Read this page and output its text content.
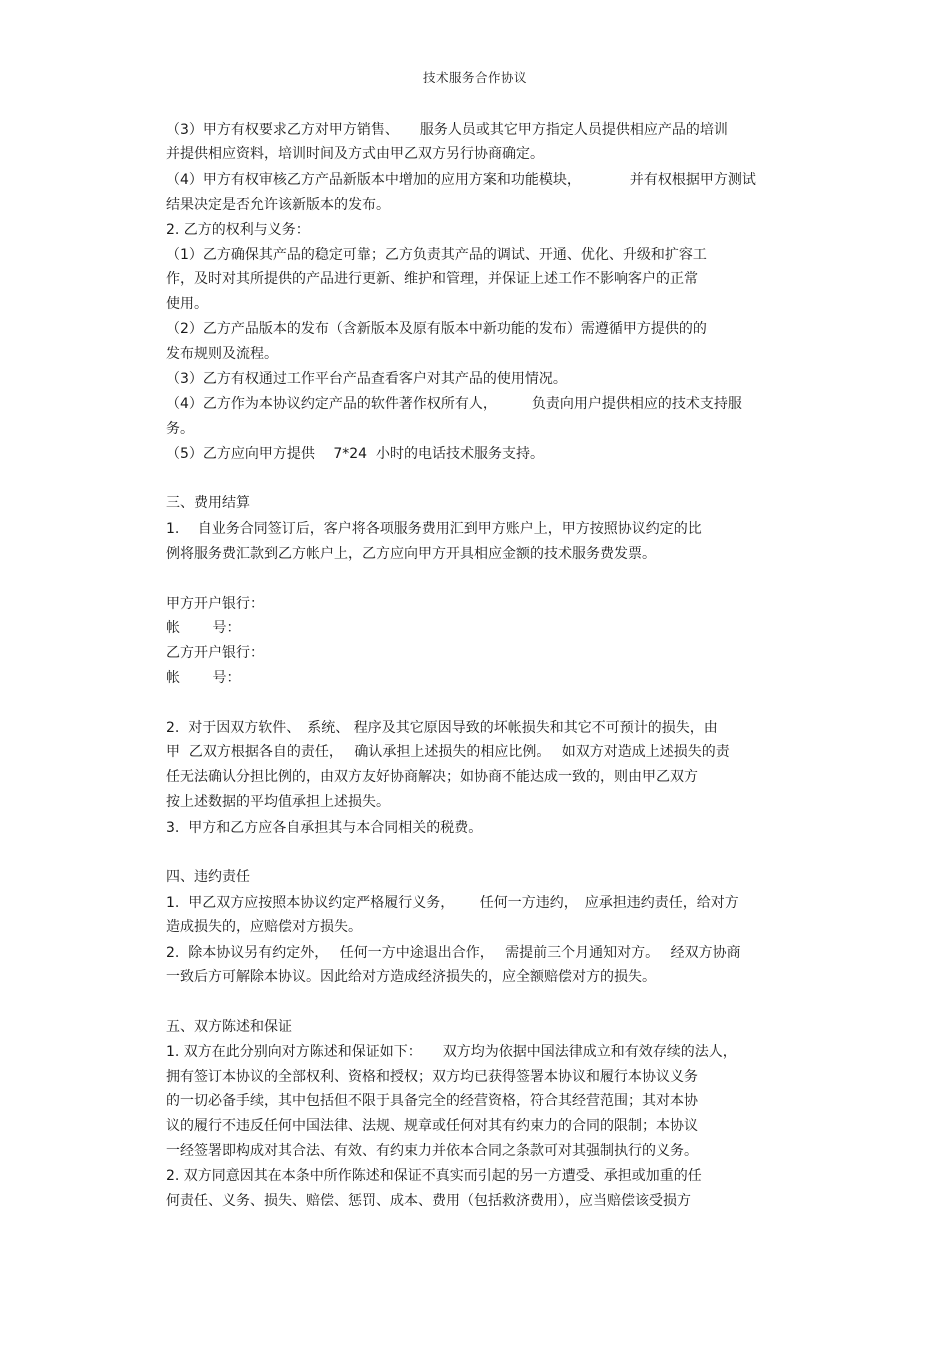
技术服务合作协议
（3）甲方有权要求乙方对甲方销售、　　服务人员或其它甲方指定人员提供相应产品的培训
并提供相应资料，培训时间及方式由甲乙双方另行协商确定。
（4）甲方有权审核乙方产品新版本中增加的应用方案和功能模块，　　　　并有权根据甲方测试
结果决定是否允许该新版本的发布。
2. 乙方的权利与义务：
（1）乙方确保其产品的稳定可靠；乙方负责其产品的调试、开通、优化、升级和扩容工
作，及时对其所提供的产品进行更新、维护和管理，并保证上述工作不影响客户的正常
使用。
（2）乙方产品版本的发布（含新版本及原有版本中新功能的发布）需遵循甲方提供的的
发布规则及流程。
（3）乙方有权通过工作平台产品查看客户对其产品的使用情况。
（4）乙方作为本协议约定产品的软件著作权所有人，　　　负责向用户提供相应的技术支持服
务。
（5）乙方应向甲方提供　 7*24  小时的电话技术服务支持。
三、费用结算
1.　 自业务合同签订后，客户将各项服务费用汇到甲方账户上，甲方按照协议约定的比
例将服务费汇款到乙方帐户上，乙方应向甲方开具相应金额的技术服务费发票。
甲方开户银行：
帐　　 号：
乙方开户银行：
帐　　 号：
2.  对于因双方软件、　系统、 程序及其它原因导致的坏帐损失和其它不可预计的损失，由
甲  乙双方根据各自的责任，　 确认承担上述损失的相应比例。　 如双方对造成上述损失的责
任无法确认分担比例的，由双方友好协商解决；如协商不能达成一致的，则由甲乙双方
按上述数据的平均值承担上述损失。
3.  甲方和乙方应各自承担其与本合同相关的税费。
四、违约责任
1.  甲乙双方应按照本协议约定严格履行义务，　　 任何一方违约，　应承担违约责任，给对方
造成损失的，应赔偿对方损失。
2.  除本协议另有约定外，　 任何一方中途退出合作，　 需提前三个月通知对方。　 经双方协商
一致后方可解除本协议。因此给对方造成经济损失的，应全额赔偿对方的损失。
五、双方陈述和保证
1. 双方在此分别向对方陈述和保证如下：　　双方均为依据中国法律成立和有效存续的法人，
拥有签订本协议的全部权利、资格和授权；双方均已获得签署本协议和履行本协议义务
的一切必备手续，其中包括但不限于具备完全的经营资格，符合其经营范围；其对本协
议的履行不违反任何中国法律、法规、规章或任何对其有约束力的合同的限制；本协议
一经签署即构成对其合法、有效、有约束力并依本合同之条款可对其强制执行的义务。
2. 双方同意因其在本条中所作陈述和保证不真实而引起的另一方遭受、承担或加重的任
何责任、义务、损失、赔偿、惩罚、成本、费用（包括救济费用），应当赔偿该受损方
